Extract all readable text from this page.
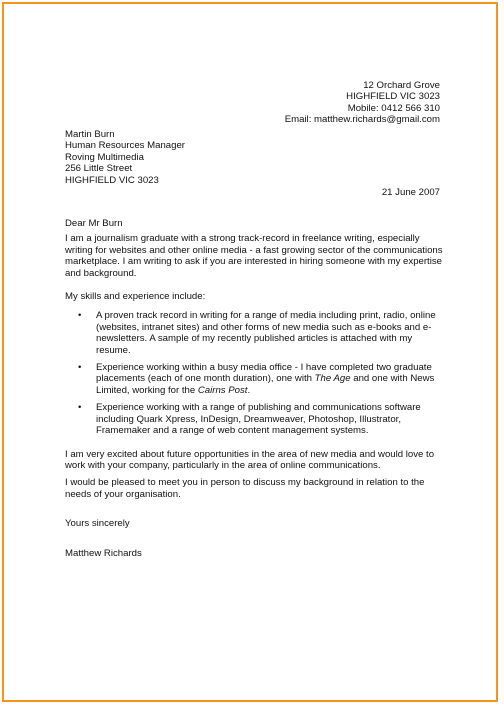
12 Orchard Grove
HIGHFIELD VIC 3023
Mobile: 0412 566 310
Email: matthew.richards@gmail.com
Martin Burn
Human Resources Manager
Roving Multimedia
256 Little Street
HIGHFIELD VIC 3023
21 June 2007

Dear Mr Burn

I am a journalism graduate with a strong track-record in freelance writing, especially writing for websites and other online media - a fast growing sector of the communications marketplace. I am writing to ask if you are interested in hiring someone with my expertise and background.

My skills and experience include:

• A proven track record in writing for a range of media including print, radio, online (websites, intranet sites) and other forms of new media such as e-books and e-newsletters. A sample of my recently published articles is attached with my resume.
• Experience working within a busy media office - I have completed two graduate placements (each of one month duration), one with The Age and one with News Limited, working for the Cairns Post.
• Experience working with a range of publishing and communications software including Quark Xpress, InDesign, Dreamweaver, Photoshop, Illustrator, Framemaker and a range of web content management systems.

I am very excited about future opportunities in the area of new media and would love to work with your company, particularly in the area of online communications.

I would be pleased to meet you in person to discuss my background in relation to the needs of your organisation.

Yours sincerely

Matthew Richards
